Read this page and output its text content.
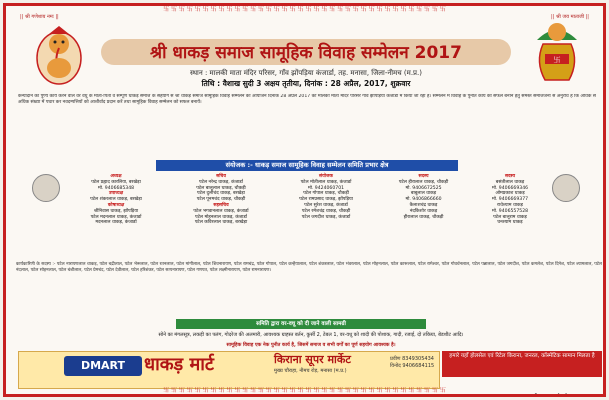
卐 卐 卐 卐 卐 卐 卐 卐 卐 卐 卐 卐 卐 卐 卐 卐 卐 卐 卐 卐 卐 卐 卐 卐 卐 卐 卐 卐 卐 卐 卐 卐 卐 卐 卐 卐
|| श्री गणेशाय नमः ||	|| श्री जय माताजी ||
卐
श्री धाकड़ समाज सामूहिक विवाह सम्मेलन 2017
स्थान : मालकी माता मंदिर परिसर, गाँव झोंपड़िया कंजार्डा, तह. मनासा, जिला-नीमच (म.प्र.)
तिथि : वैशाख सुदी 3 अक्षय तृतीया, दिनांक : 28 अप्रैल, 2017, शुक्रवार
कन्यादान का पुण्य कार्य करने वाले वर वधु के माता-पिता व सम्पूर्ण धाकड़ समाज के सहयोग से श्री धाकड़ समाज सामूहिक विवाह सम्मेलन का आयोजन दिनांक 28 अप्रैल 2017 को मालकी माता मंदिर परिसर गाँव झोंपड़िया कंजार्डा में किया जा रहा है। सम्मेलन में विवाह के पुनीत कार्य को सफल बनाने हेतु समस्त समाजजनों से अनुरोध है कि अधिक से अधिक संख्या में पधार कर नवदम्पत्तियों को आशीर्वाद प्रदान करें तथा सामूहिक विवाह सम्मेलन को सफल बनायें।
संयोजक :- धाकड़ समाज सामूहिक विवाह सम्मेलन समिति प्रभार क्षेत्र
अध्यक्ष
पटेल प्रह्लाद कारलिया, बरखेड़ा
मो. 9406685348
उपाध्यक्ष
पटेल शंकरलाल धाकड़, बरखेड़ा
कोषाध्यक्ष
श्रीनिवास धाकड़, झोंपड़िया
पटेल मदनलाल धाकड़, कंजार्डा
मदनलाल धाकड़, कंजार्डा
सचिव
पटेल नरेन्द्र धाकड़, कंजार्डा
पटेल बालूलाल धाकड़, चौकड़ी
पटेल दुलीचंद धाकड़, बरखेड़ा
पटेल पूनमचंद धाकड़, चौकड़ी
सहसचिव
पटेल भगवानलाल धाकड़, कंजार्डा
पटेल मोहनलाल धाकड़, कंजार्डा
पटेल कविरलाल धाकड़, बरखेड़ा
संयोजक
पटेल मोतीलाल धाकड़, कंजार्डा
मो. 9424060701
पटेल गोपाल धाकड़, चौकड़ी
पटेल रामप्रसाद धाकड़, झोंपड़िया
पटेल सुरेश धाकड़, कंजार्डा
पटेल रमेशचंद्र धाकड़, चौकड़ी
पटेल जगदीश धाकड़, कंजार्डा
सदस्य
पटेल हीरालाल धाकड़, चौकड़ी
मो. 9406672525
बाबूलाल धाकड़
मो. 9406866660
कैलाशचंद्र धाकड़
नंदकिशोर धाकड़
हीरालाल धाकड़, चौकड़ी
सदस्य
बसंतीलाल धाकड़
मो. 9406669346
ओमप्रकाश धाकड़
मो. 9406669377
राधेश्याम धाकड़
मो. 9406557528
पटेल बालूराम धाकड़
घनश्याम धाकड़
कार्यकारिणी के सदस्य :- पटेल नारायणलाल धाकड़, पटेल बद्रीलाल, पटेल भेरूलाल, पटेल रतनलाल, पटेल मांगीलाल, पटेल शिवनारायण, पटेल रामचंद्र, पटेल गोपाल, पटेल कन्हैयालाल, पटेल शंकरलाल, पटेल भंवरलाल, पटेल मोहनलाल, पटेल कारूलाल, पटेल रामेश्वर, पटेल गोवर्धनलाल, पटेल पन्नालाल, पटेल जगदीश, पटेल कमलेश, पटेल दिनेश, पटेल श्यामलाल, पटेल नंदलाल, पटेल सोहनलाल, पटेल बंशीलाल, पटेल प्रेमचंद, पटेल देवीलाल, पटेल हरिशंकर, पटेल सत्यनारायण, पटेल गणपत, पटेल लक्ष्मीनारायण, पटेल रामनारायण।
समिति द्वारा वर-वधू को दी जाने वाली सामग्री
सोने का मंगलसूत्र, लकड़ी का पलंग, गोदरेज की अलमारी, आवश्यक ग्राहस्त बर्तन, कुर्सी 2, टेबल 1, वर-वधू को शादी की पोशाक, गादी, रजाई, दो तकिया, बेडशीट आदि।
सामूहिक विवाह एक नेक पुनीत कार्य है, जिसमें समाज व सभी वर्गों का पूर्ण सहयोग आवश्यक है।
DMART	धाकड़ मार्ट	किराना सूपर मार्केट
मुख्य चौराहा, नीमच रोड़, मनासा (म.प्र.)
प्रवीण 8349305434
विनोद 9406684115
हमारे यहाँ होलसेल एवं रिटेल किराना, जनरल, कॉस्मेटिक सामान मिलता है
मुद्रक: बाबा मल्टीकलर वर्क्स, मो. 9300067593
卐 卐 卐 卐 卐 卐 卐 卐 卐 卐 卐 卐 卐 卐 卐 卐 卐 卐 卐 卐 卐 卐 卐 卐 卐 卐 卐 卐 卐 卐 卐 卐 卐 卐 卐 卐
